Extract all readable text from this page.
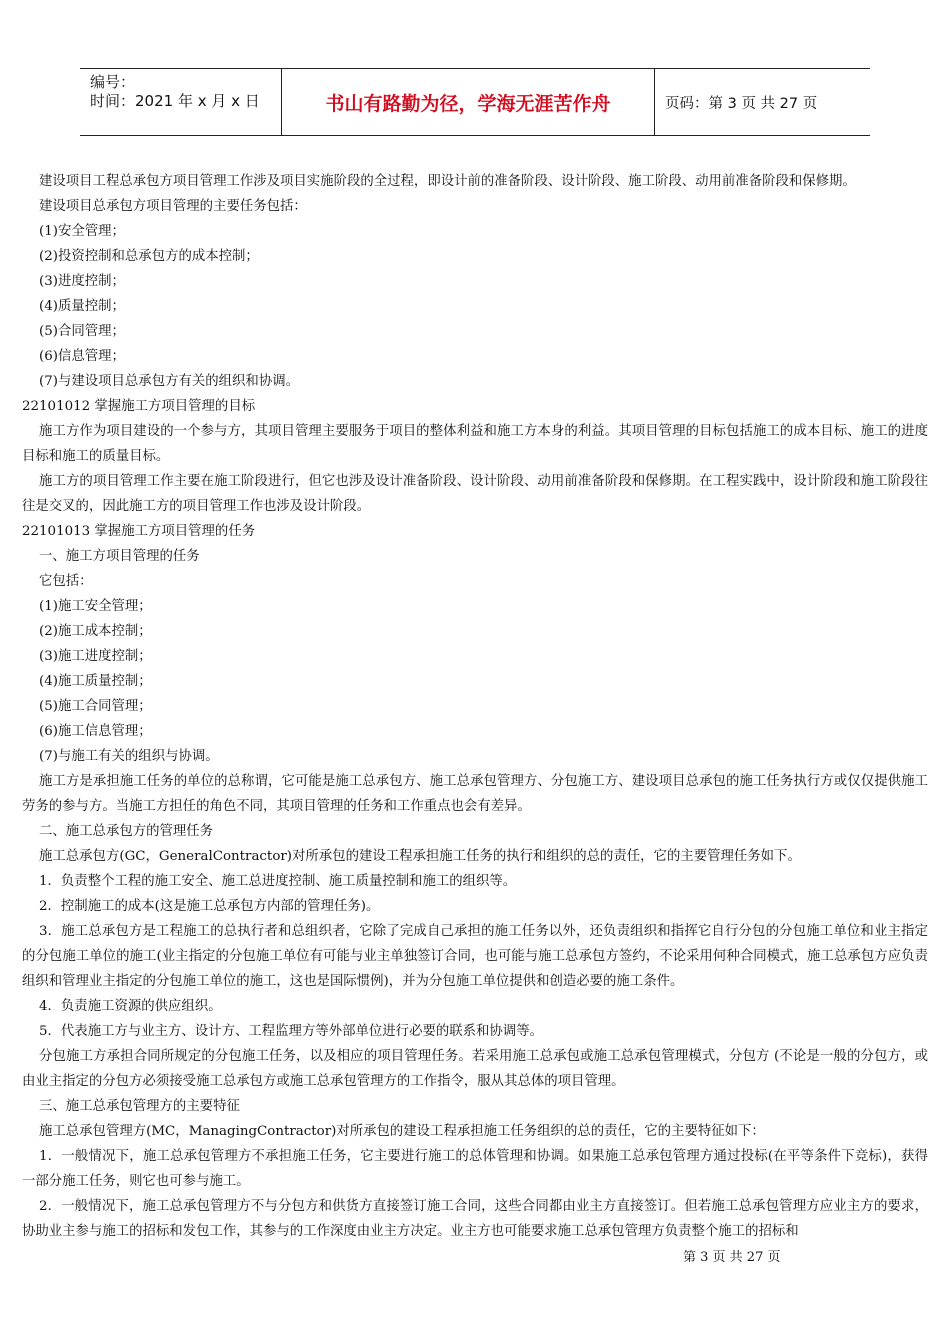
编号：
时间：2021 年 x 月 x 日	书山有路勤为径，学海无涯苦作舟	页码：第 3 页 共 27 页

建设项目工程总承包方项目管理工作涉及项目实施阶段的全过程，即设计前的准备阶段、设计阶段、施工阶段、动用前准备阶段和保修期。

建设项目总承包方项目管理的主要任务包括：

(1)安全管理；

(2)投资控制和总承包方的成本控制；

(3)进度控制；

(4)质量控制；

(5)合同管理；

(6)信息管理；

(7)与建设项目总承包方有关的组织和协调。

22101012 掌握施工方项目管理的目标

施工方作为项目建设的一个参与方，其项目管理主要服务于项目的整体利益和施工方本身的利益。其项目管理的目标包括施工的成本目标、施工的进度目标和施工的质量目标。

施工方的项目管理工作主要在施工阶段进行，但它也涉及设计准备阶段、设计阶段、动用前准备阶段和保修期。在工程实践中，设计阶段和施工阶段往往是交叉的，因此施工方的项目管理工作也涉及设计阶段。

22101013 掌握施工方项目管理的任务

一、施工方项目管理的任务

它包括：

(1)施工安全管理；

(2)施工成本控制；

(3)施工进度控制；

(4)施工质量控制；

(5)施工合同管理；

(6)施工信息管理；

(7)与施工有关的组织与协调。

施工方是承担施工任务的单位的总称谓，它可能是施工总承包方、施工总承包管理方、分包施工方、建设项目总承包的施工任务执行方或仅仅提供施工劳务的参与方。当施工方担任的角色不同，其项目管理的任务和工作重点也会有差异。

二、施工总承包方的管理任务

施工总承包方(GC，GeneralContractor)对所承包的建设工程承担施工任务的执行和组织的总的责任，它的主要管理任务如下。

1．负责整个工程的施工安全、施工总进度控制、施工质量控制和施工的组织等。

2．控制施工的成本(这是施工总承包方内部的管理任务)。

3．施工总承包方是工程施工的总执行者和总组织者，它除了完成自己承担的施工任务以外，还负责组织和指挥它自行分包的分包施工单位和业主指定的分包施工单位的施工(业主指定的分包施工单位有可能与业主单独签订合同，也可能与施工总承包方签约，不论采用何种合同模式，施工总承包方应负责组织和管理业主指定的分包施工单位的施工，这也是国际惯例)，并为分包施工单位提供和创造必要的施工条件。

4．负责施工资源的供应组织。

5．代表施工方与业主方、设计方、工程监理方等外部单位进行必要的联系和协调等。

分包施工方承担合同所规定的分包施工任务，以及相应的项目管理任务。若采用施工总承包或施工总承包管理模式，分包方 (不论是一般的分包方，或由业主指定的分包方必须接受施工总承包方或施工总承包管理方的工作指令，服从其总体的项目管理。

三、施工总承包管理方的主要特征

施工总承包管理方(MC，ManagingContractor)对所承包的建设工程承担施工任务组织的总的责任，它的主要特征如下：

1．一般情况下，施工总承包管理方不承担施工任务，它主要进行施工的总体管理和协调。如果施工总承包管理方通过投标(在平等条件下竞标)，获得一部分施工任务，则它也可参与施工。

2．一般情况下，施工总承包管理方不与分包方和供货方直接签订施工合同，这些合同都由业主方直接签订。但若施工总承包管理方应业主方的要求，协助业主参与施工的招标和发包工作，其参与的工作深度由业主方决定。业主方也可能要求施工总承包管理方负责整个施工的招标和

第 3 页 共 27 页
